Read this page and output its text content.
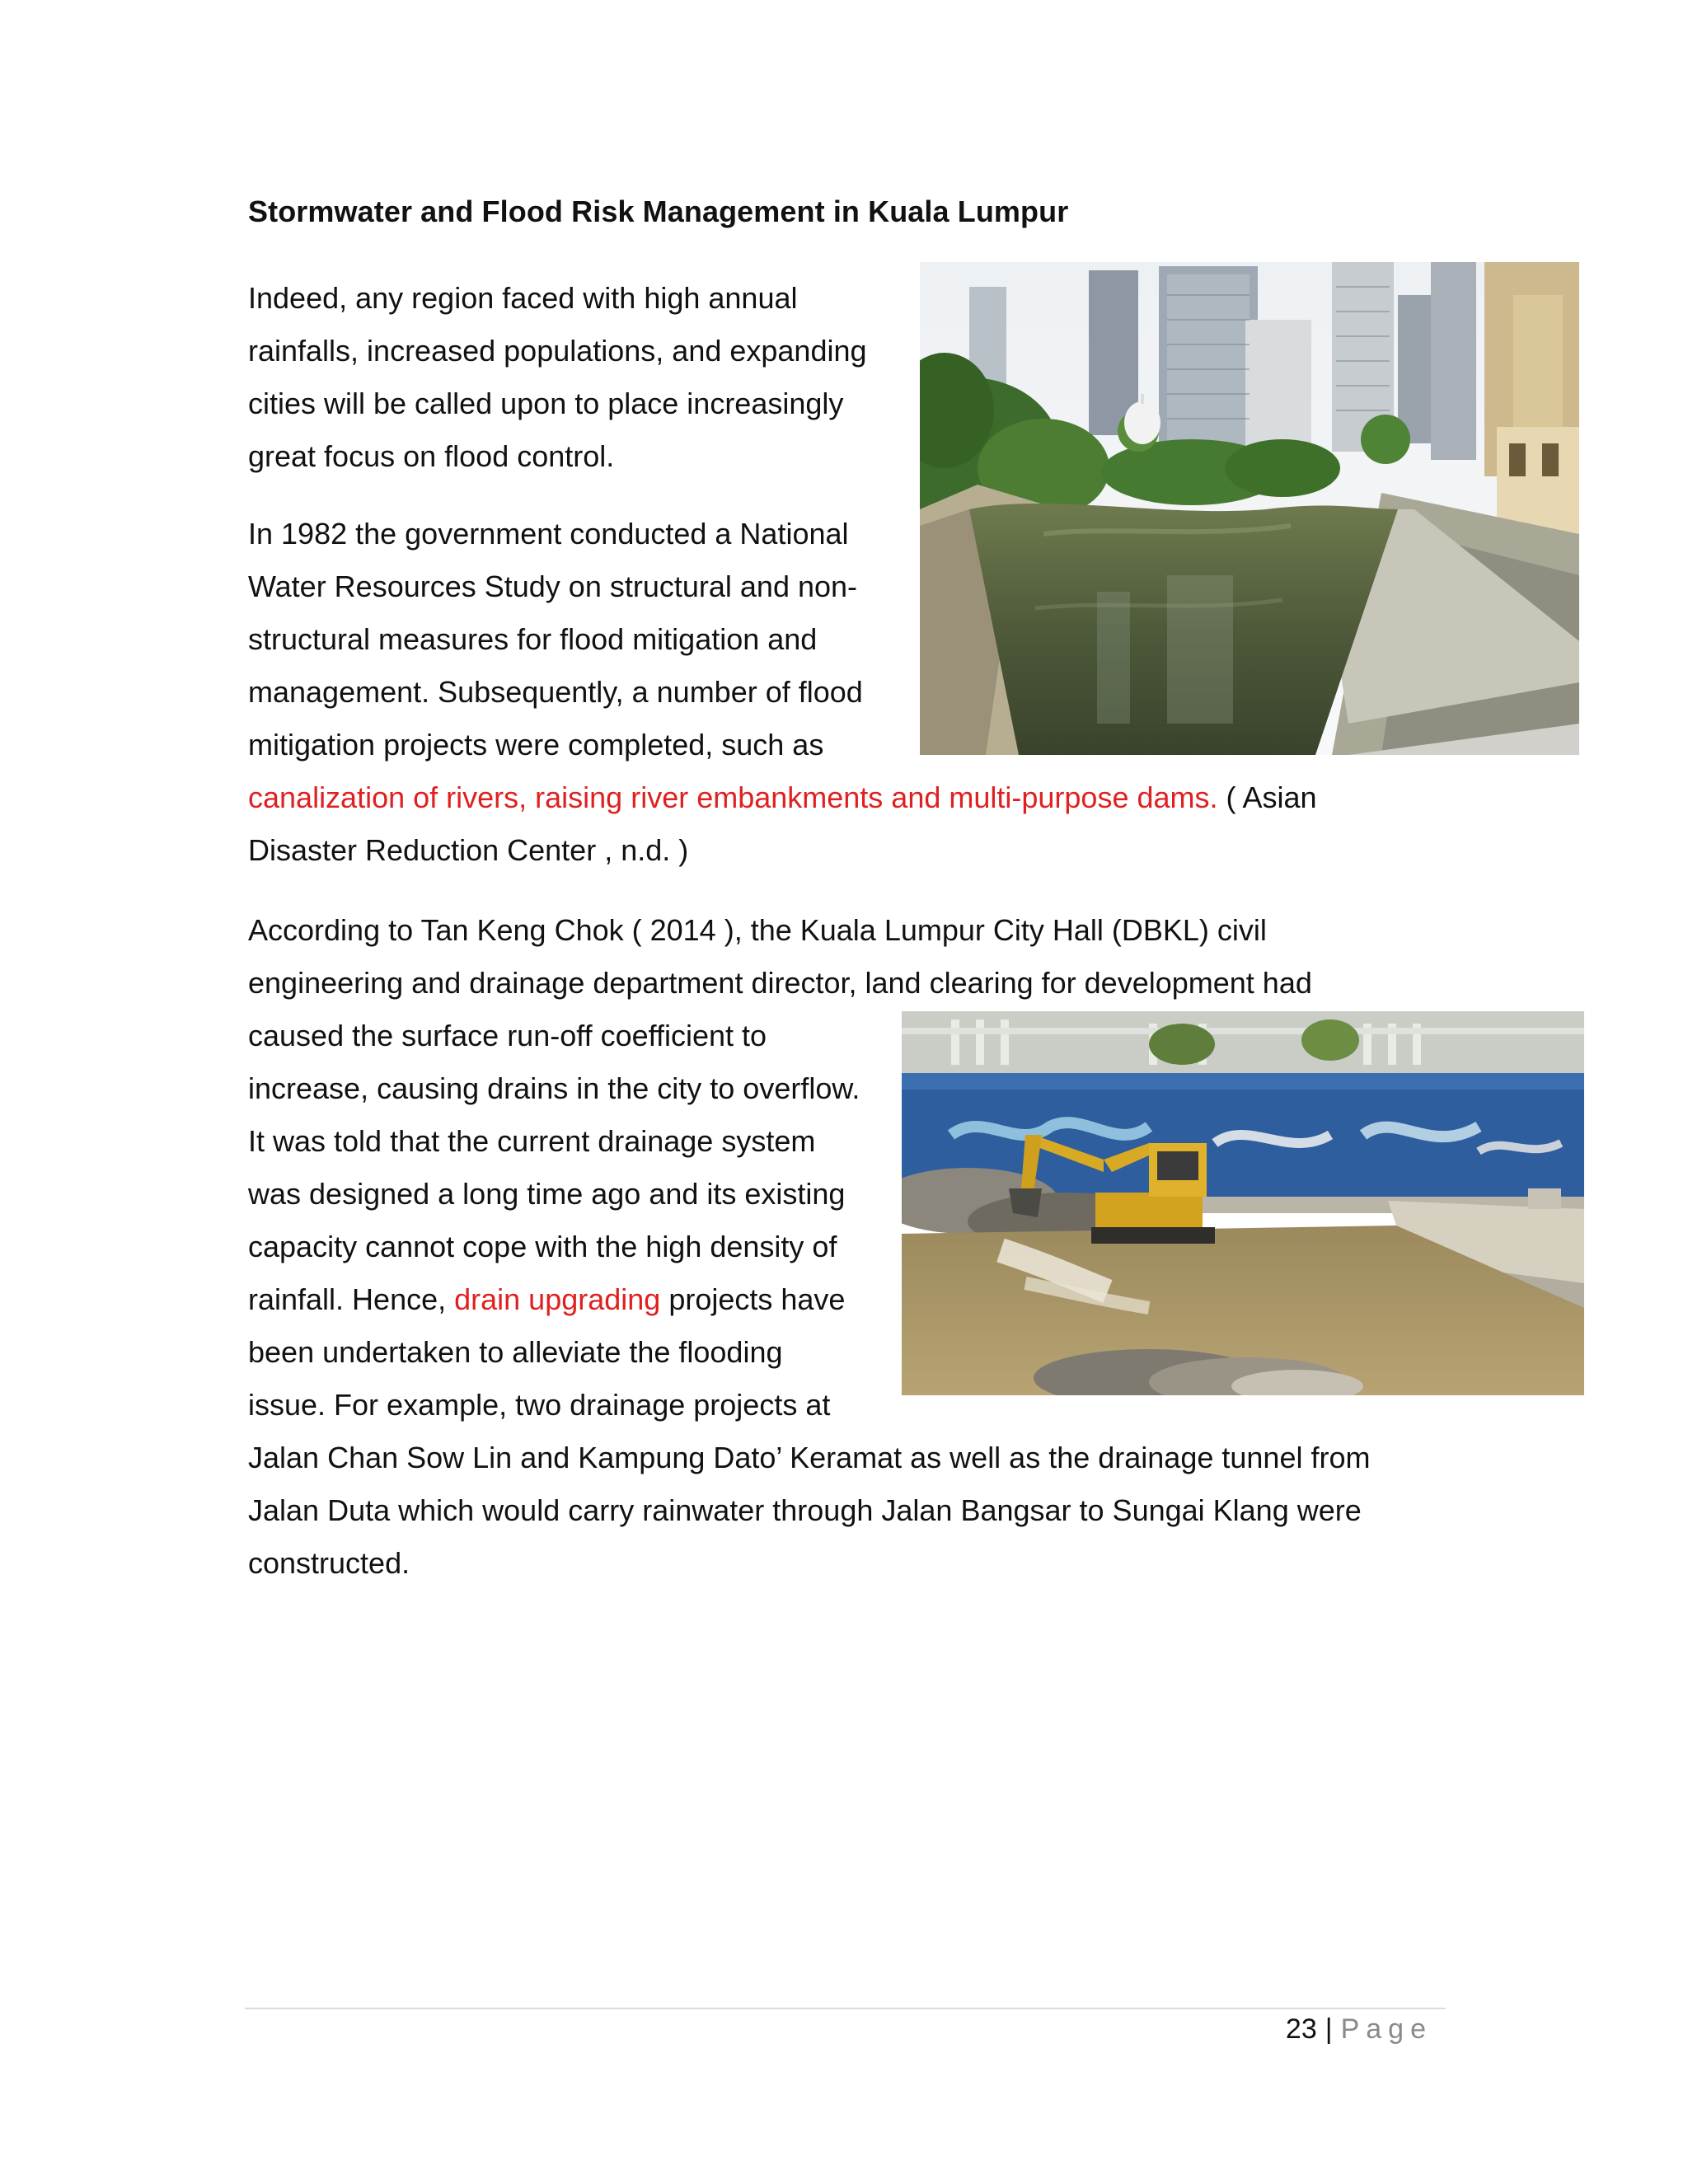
Stormwater and Flood Risk Management in Kuala Lumpur
Indeed, any region faced with high annual
rainfalls, increased populations, and expanding
cities will be called upon to place increasingly
great focus on flood control.
In 1982 the government conducted a National
Water Resources Study on structural and non-
structural measures for flood mitigation and
management. Subsequently, a number of flood
mitigation projects were completed, such as
canalization of rivers, raising river embankments and multi-purpose dams. ( Asian
Disaster Reduction Center , n.d. )
According to Tan Keng Chok ( 2014 ), the Kuala Lumpur City Hall (DBKL) civil
engineering and drainage department director, land clearing for development had
caused the surface run-off coefficient to
increase, causing drains in the city to overflow.
It was told that the current drainage system
was designed a long time ago and its existing
capacity cannot cope with the high density of
rainfall. Hence, drain upgrading projects have
been undertaken to alleviate the flooding
issue. For example, two drainage projects at
Jalan Chan Sow Lin and Kampung Dato’ Keramat as well as the drainage tunnel from
Jalan Duta which would carry rainwater through Jalan Bangsar to Sungai Klang were
constructed.
23 | Page
